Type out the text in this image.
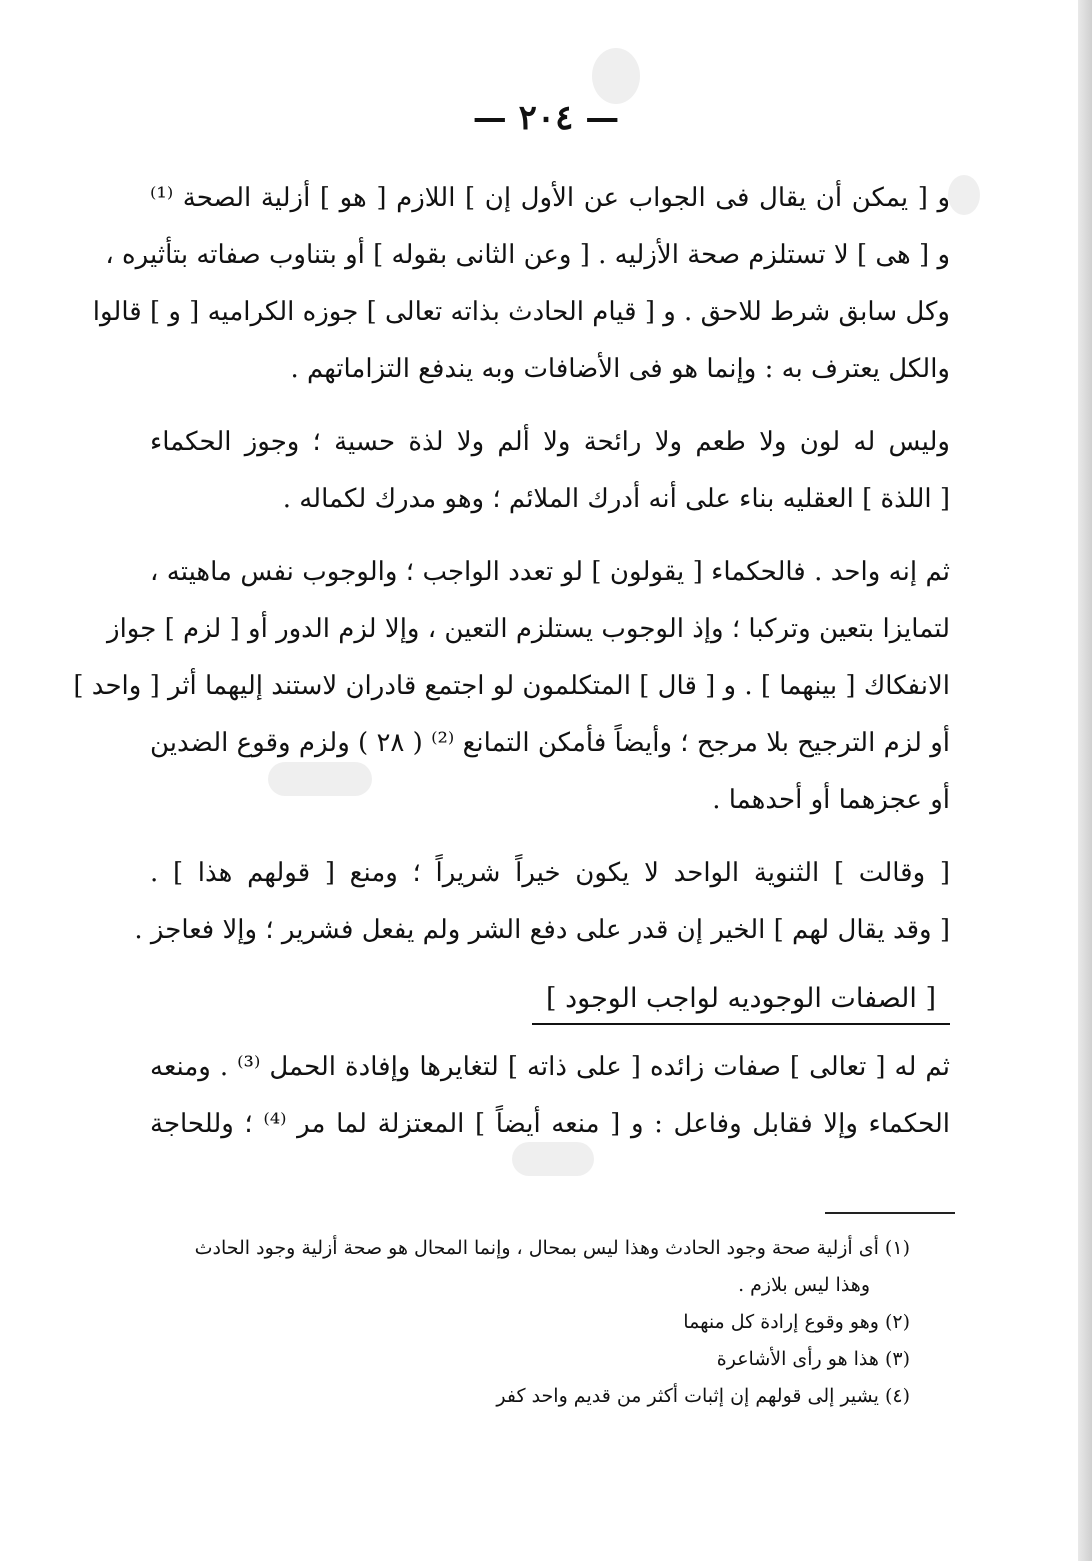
— ٢٠٤ —
و [ يمكن أن يقال فى الجواب عن الأول إن ] اللازم [ هو ] أزلية الصحة ⁽¹⁾
و [ هى ] لا تستلزم صحة الأزليه . [ وعن الثانى بقوله ] أو بتناوب صفاته بتأثيره ،
وكل سابق شرط للاحق . و [ قيام الحادث بذاته تعالى ] جوزه الكراميه [ و ] قالوا
والكل يعترف به : وإنما هو فى الأضافات وبه يندفع التزاماتهم .
وليس له لون ولا طعم ولا رائحة ولا ألم ولا لذة حسية ؛ وجوز الحكماء
[ اللذة ] العقليه بناء على أنه أدرك الملائم ؛ وهو مدرك لكماله .
ثم إنه واحد . فالحكماء [ يقولون ] لو تعدد الواجب ؛ والوجوب نفس ماهيته ،
لتمايزا بتعين وتركبا ؛ وإذ الوجوب يستلزم التعين ، وإلا لزم الدور أو [ لزم ] جواز
الانفكاك [ بينهما ] . و [ قال ] المتكلمون لو اجتمع قادران لاستند إليهما أثر [ واحد ]
أو لزم الترجيح بلا مرجح ؛ وأيضاً فأمكن التمانع ⁽²⁾ ( ٢٨ ) ولزم وقوع الضدين
أو عجزهما أو أحدهما .
[ وقالت ] الثنوية الواحد لا يكون خيراً شريراً ؛ ومنع [ قولهم هذا ] .
[ وقد يقال لهم ] الخير إن قدر على دفع الشر ولم يفعل فشرير ؛ وإلا فعاجز .
[ الصفات الوجوديه لواجب الوجود ]
ثم له [ تعالى ] صفات زائده [ على ذاته ] لتغايرها وإفادة الحمل ⁽³⁾ . ومنعه
الحكماء وإلا فقابل وفاعل : و [ منعه أيضاً ] المعتزلة لما مر ⁽⁴⁾ ؛ وللحاجة
(١) أى أزلية صحة وجود الحادث وهذا ليس بمحال ، وإنما المحال هو صحة أزلية وجود الحادث
وهذا ليس بلازم .
(٢) وهو وقوع إرادة كل منهما
(٣) هذا هو رأى الأشاعرة
(٤) يشير إلى قولهم إن إثبات أكثر من قديم واحد كفر
